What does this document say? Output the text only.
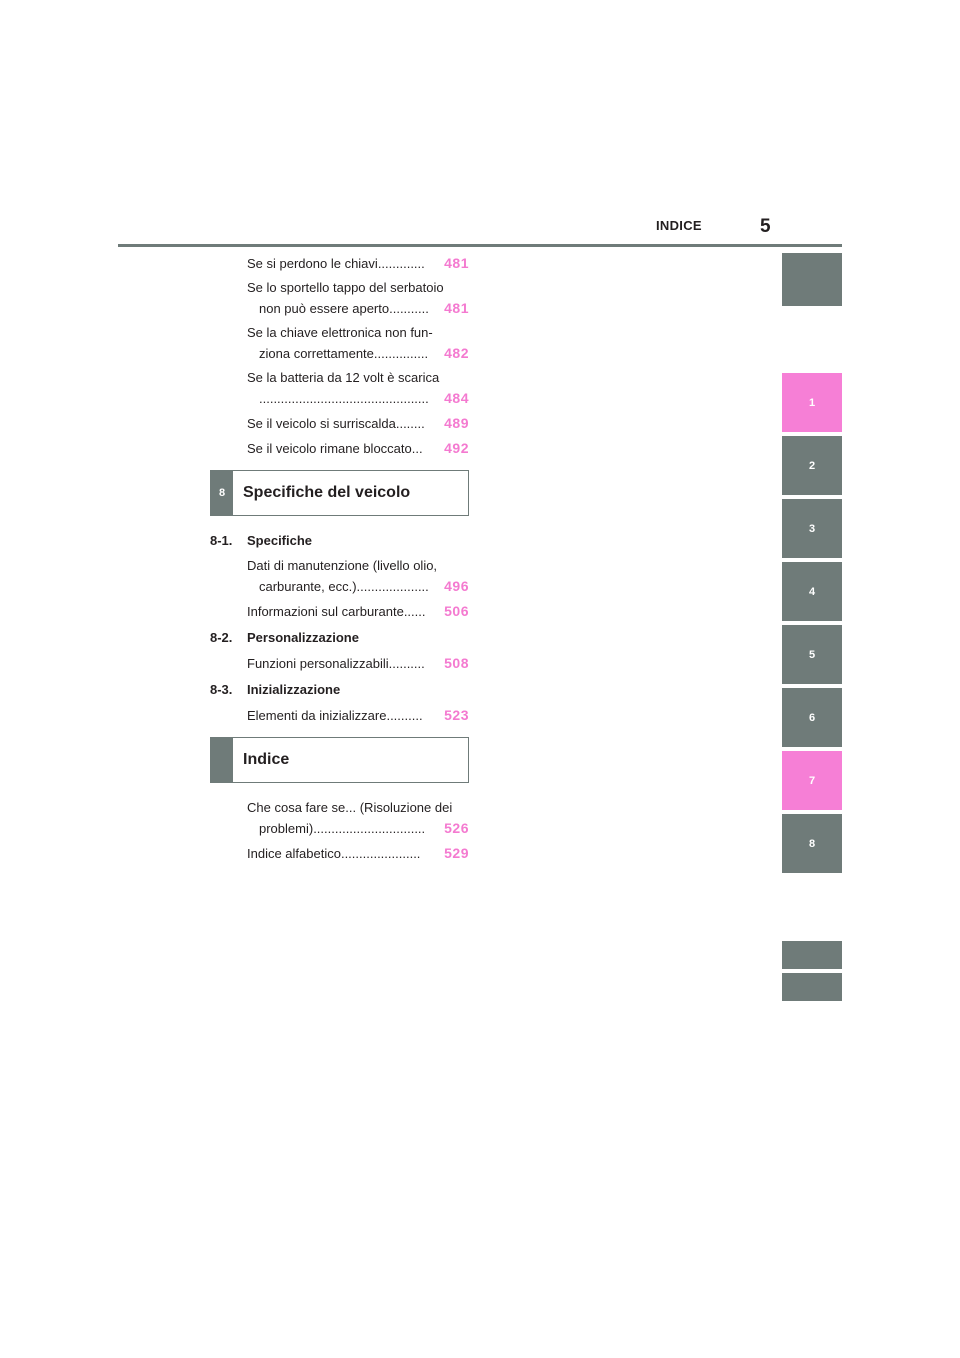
INDICE	5
Se si perdono le chiavi .............	481
Se lo sportello tappo del serbatoio
non può essere aperto ...........	481
Se la chiave elettronica non fun-
ziona correttamente ...............	482
Se la batteria da 12 volt è scarica
...............................................	484
Se il veicolo si surriscalda ........	489
Se il veicolo rimane bloccato ...	492
8	Specifiche del veicolo
8-1. Specifiche
Dati di manutenzione (livello olio,
carburante, ecc.) ....................	496
Informazioni sul carburante ......	506
8-2. Personalizzazione
Funzioni personalizzabili ..........	508
8-3. Inizializzazione
Elementi da inizializzare ..........	523
Indice
Che cosa fare se... (Risoluzione dei
problemi) ...............................	526
Indice alfabetico ......................	529
1
2
3
4
5
6
7
8
